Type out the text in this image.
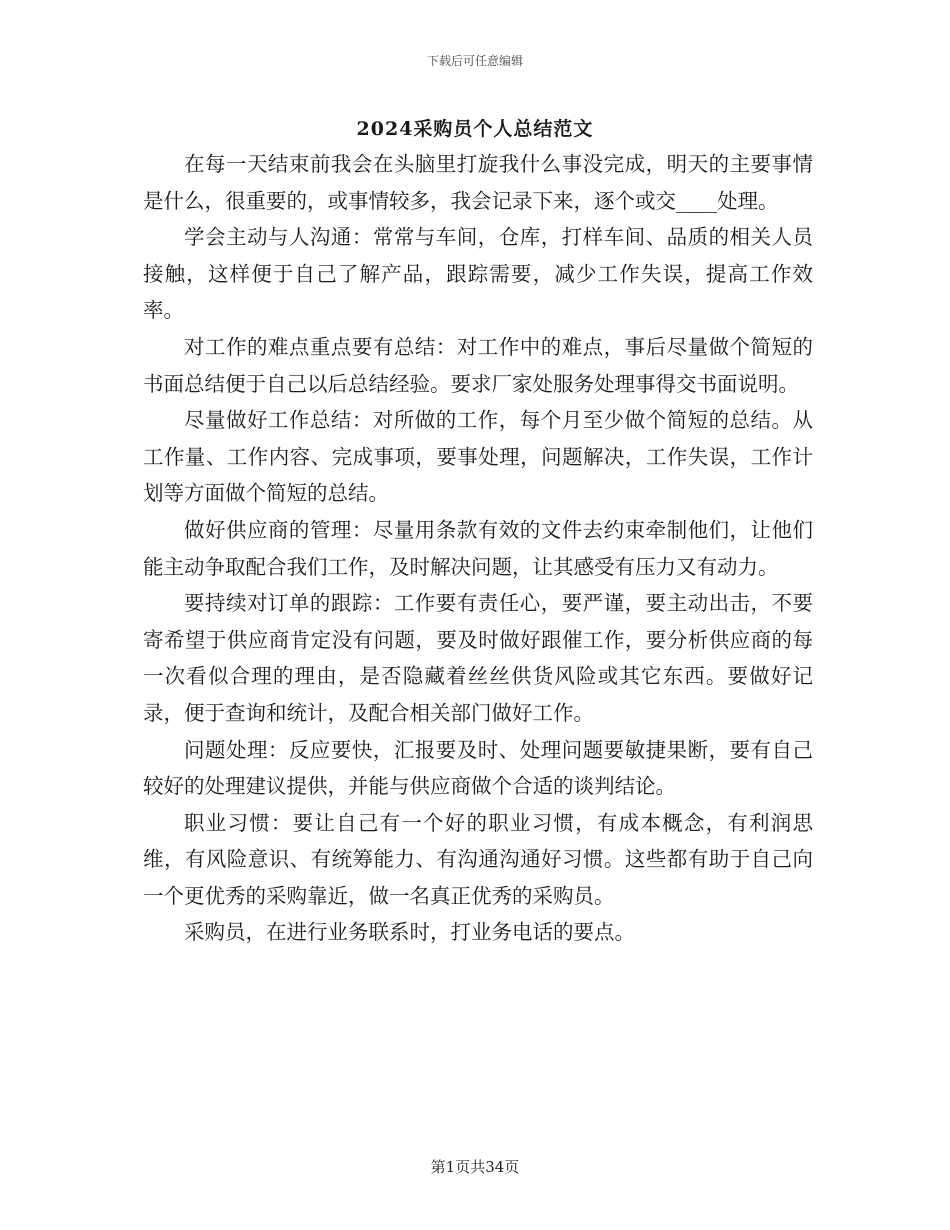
下载后可任意编辑
2024采购员个人总结范文

在每一天结束前我会在头脑里打旋我什么事没完成，明天的主要事情是什么，很重要的，或事情较多，我会记录下来，逐个或交____处理。

学会主动与人沟通：常常与车间，仓库，打样车间、品质的相关人员接触，这样便于自己了解产品，跟踪需要，减少工作失误，提高工作效率。

对工作的难点重点要有总结：对工作中的难点，事后尽量做个简短的书面总结便于自己以后总结经验。要求厂家处服务处理事得交书面说明。

尽量做好工作总结：对所做的工作，每个月至少做个简短的总结。从工作量、工作内容、完成事项，要事处理，问题解决，工作失误，工作计划等方面做个简短的总结。

做好供应商的管理：尽量用条款有效的文件去约束牵制他们，让他们能主动争取配合我们工作，及时解决问题，让其感受有压力又有动力。

要持续对订单的跟踪：工作要有责任心，要严谨，要主动出击，不要寄希望于供应商肯定没有问题，要及时做好跟催工作，要分析供应商的每一次看似合理的理由，是否隐藏着丝丝供货风险或其它东西。要做好记录，便于查询和统计，及配合相关部门做好工作。

问题处理：反应要快，汇报要及时、处理问题要敏捷果断，要有自己较好的处理建议提供，并能与供应商做个合适的谈判结论。

职业习惯：要让自己有一个好的职业习惯，有成本概念，有利润思维，有风险意识、有统筹能力、有沟通沟通好习惯。这些都有助于自己向一个更优秀的采购靠近，做一名真正优秀的采购员。

采购员，在进行业务联系时，打业务电话的要点。

第1页共34页
